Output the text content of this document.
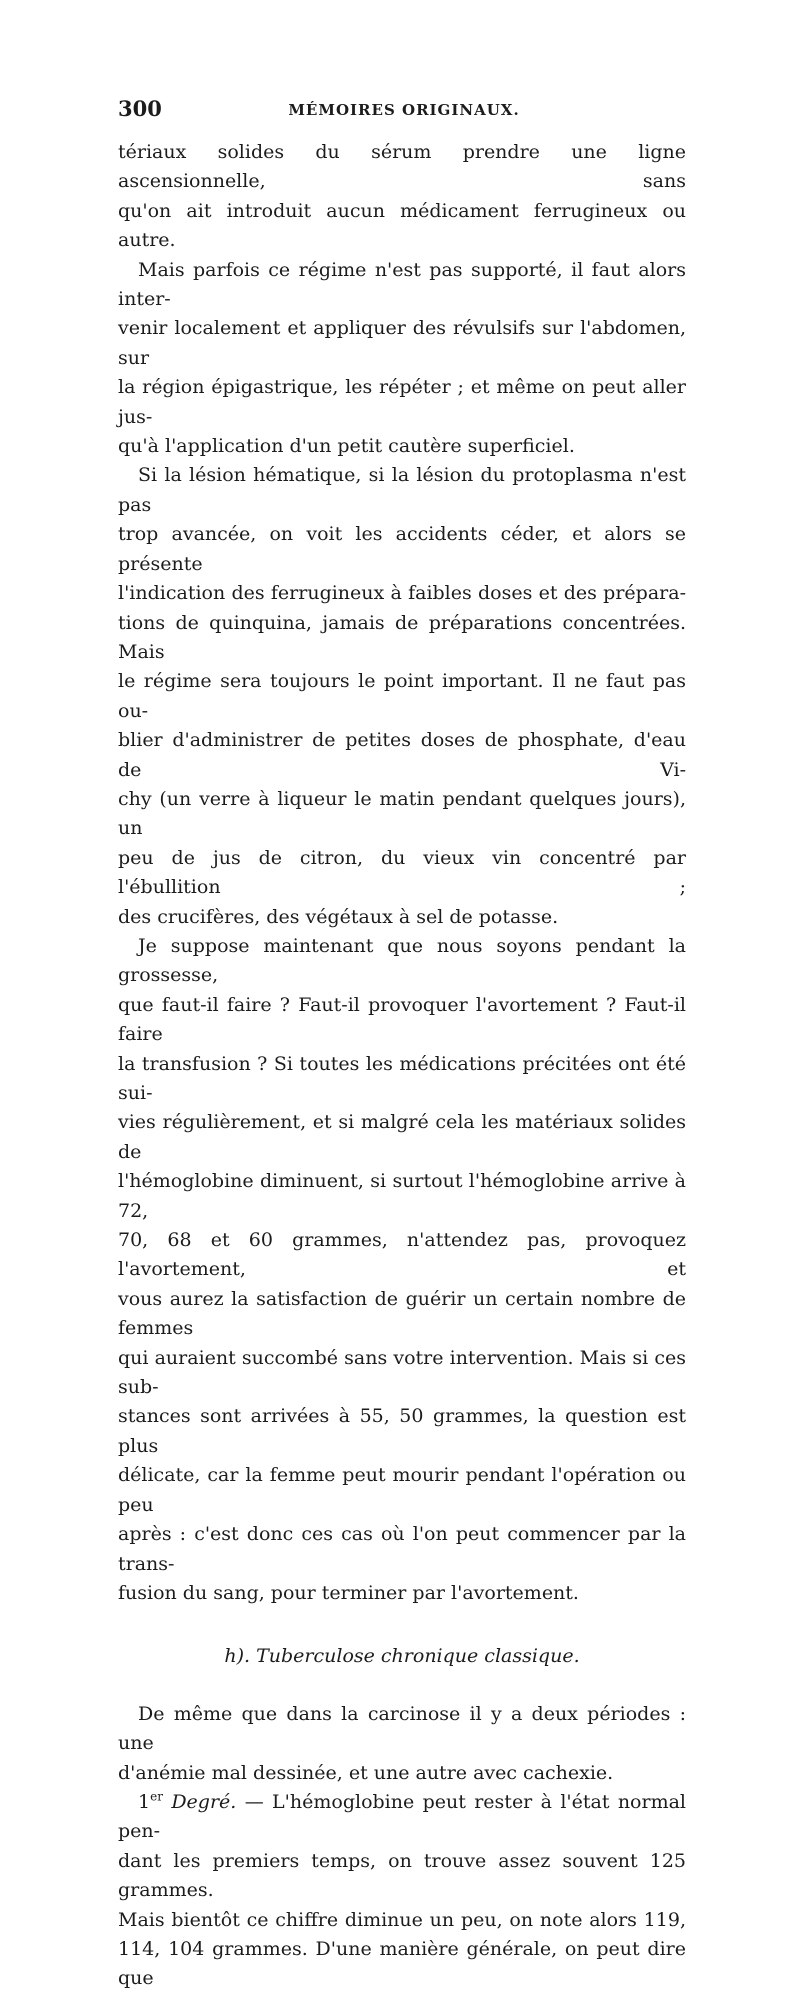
300	MÉMOIRES ORIGINAUX.

tériaux solides du sérum prendre une ligne ascensionnelle, sans

qu'on ait introduit aucun médicament ferrugineux ou autre.

Mais parfois ce régime n'est pas supporté, il faut alors inter-

venir localement et appliquer des révulsifs sur l'abdomen, sur

la région épigastrique, les répéter ; et même on peut aller jus-

qu'à l'application d'un petit cautère superficiel.

Si la lésion hématique, si la lésion du protoplasma n'est pas

trop avancée, on voit les accidents céder, et alors se présente

l'indication des ferrugineux à faibles doses et des prépara-

tions de quinquina, jamais de préparations concentrées. Mais

le régime sera toujours le point important. Il ne faut pas ou-

blier d'administrer de petites doses de phosphate, d'eau de Vi-

chy (un verre à liqueur le matin pendant quelques jours), un

peu de jus de citron, du vieux vin concentré par l'ébullition ;

des crucifères, des végétaux à sel de potasse.

Je suppose maintenant que nous soyons pendant la grossesse,

que faut-il faire ? Faut-il provoquer l'avortement ? Faut-il faire

la transfusion ? Si toutes les médications précitées ont été sui-

vies régulièrement, et si malgré cela les matériaux solides de

l'hémoglobine diminuent, si surtout l'hémoglobine arrive à 72,

70, 68 et 60 grammes, n'attendez pas, provoquez l'avortement, et

vous aurez la satisfaction de guérir un certain nombre de femmes

qui auraient succombé sans votre intervention. Mais si ces sub-

stances sont arrivées à 55, 50 grammes, la question est plus

délicate, car la femme peut mourir pendant l'opération ou peu

après : c'est donc ces cas où l'on peut commencer par la trans-

fusion du sang, pour terminer par l'avortement.

h). Tuberculose chronique classique.

De même que dans la carcinose il y a deux périodes : une

d'anémie mal dessinée, et une autre avec cachexie.

1er Degré. — L'hémoglobine peut rester à l'état normal pen-

dant les premiers temps, on trouve assez souvent 125 grammes.

Mais bientôt ce chiffre diminue un peu, on note alors 119,

114, 104 grammes. D'une manière générale, on peut dire que
